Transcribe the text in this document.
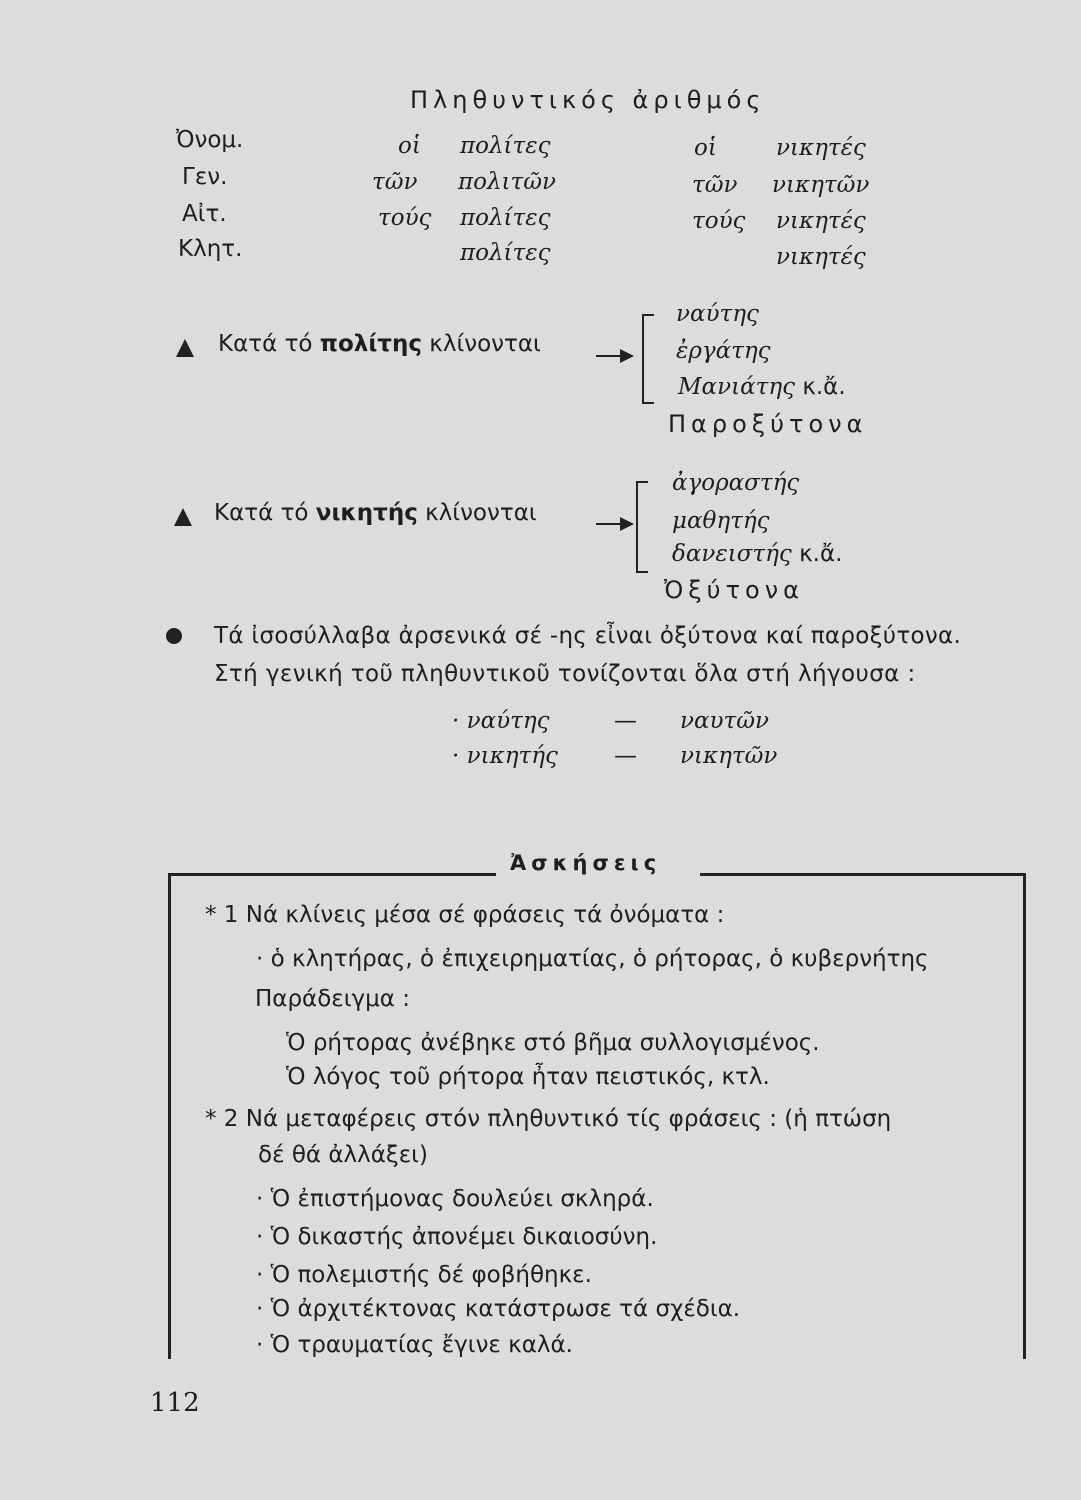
Πληθυντικός ἀριθμός
Ὀνομ.
Γεν.
Αἰτ.
Κλητ.
οἱ
τῶν
τούς
πολίτες
πολιτῶν
πολίτες
πολίτες
οἱ
τῶν
τούς
νικητές
νικητῶν
νικητές
νικητές
Κατά τό πολίτης κλίνονται
ναύτης
ἐργάτης
Μανιάτης κ.ἄ.
Παροξύτονα
Κατά τό νικητής κλίνονται
ἀγοραστής
μαθητής
δανειστής κ.ἄ.
Ὀξύτονα
Τά ἰσοσύλλαβα ἀρσενικά σέ -ης εἶναι ὀξύτονα καί παροξύτονα.
Στή γενική τοῦ πληθυντικοῦ τονίζονται ὅλα στή λήγουσα :
· ναύτης	— ναυτῶν
· νικητής — νικητῶν
Ἀσκήσεις
* 1 Νά κλίνεις μέσα σέ φράσεις τά ὀνόματα :
· ὁ κλητήρας, ὁ ἐπιχειρηματίας, ὁ ρήτορας, ὁ κυβερνήτης
Παράδειγμα :
Ὁ ρήτορας ἀνέβηκε στό βῆμα συλλογισμένος.
Ὁ λόγος τοῦ ρήτορα ἦταν πειστικός, κτλ.
* 2 Νά μεταφέρεις στόν πληθυντικό τίς φράσεις : (ἡ πτώση
δέ θά ἀλλάξει)
· Ὁ ἐπιστήμονας δουλεύει σκληρά.
· Ὁ δικαστής ἀπονέμει δικαιοσύνη.
· Ὁ πολεμιστής δέ φοβήθηκε.
· Ὁ ἀρχιτέκτονας κατάστρωσε τά σχέδια.
· Ὁ τραυματίας ἔγινε καλά.
112
